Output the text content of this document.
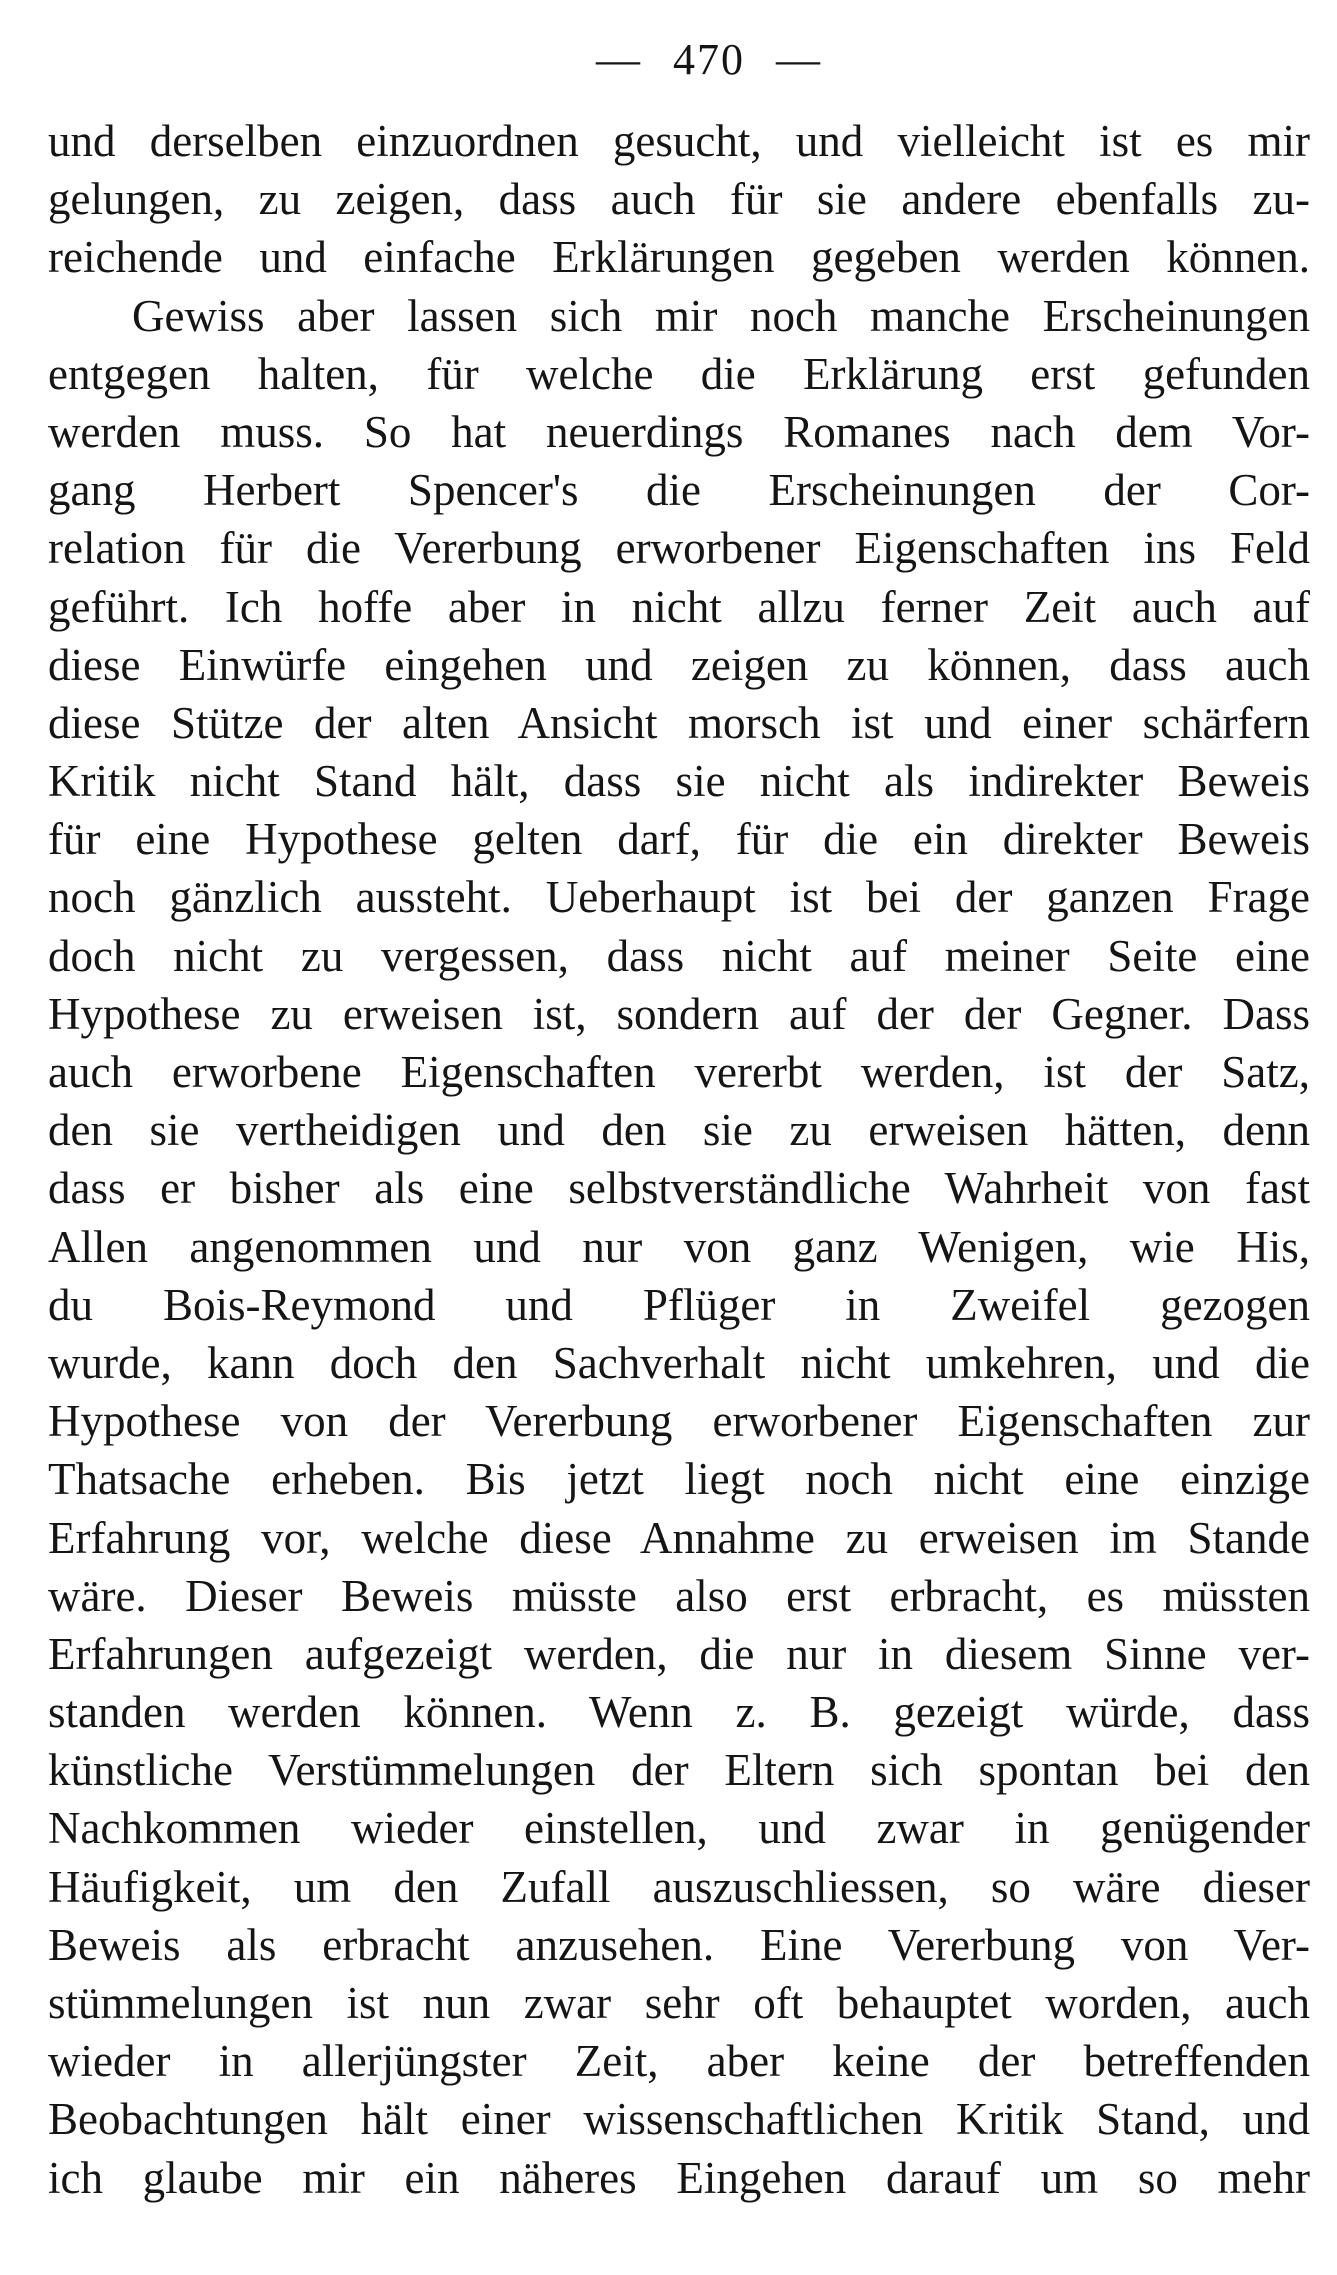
— 470 —
und derselben einzuordnen gesucht, und vielleicht ist es mir
gelungen, zu zeigen, dass auch für sie andere ebenfalls zu-
reichende und einfache Erklärungen gegeben werden können.
Gewiss aber lassen sich mir noch manche Erscheinungen
entgegen halten, für welche die Erklärung erst gefunden
werden muss. So hat neuerdings Romanes nach dem Vor-
gang Herbert Spencer's die Erscheinungen der Cor-
relation für die Vererbung erworbener Eigenschaften ins Feld
geführt. Ich hoffe aber in nicht allzu ferner Zeit auch auf
diese Einwürfe eingehen und zeigen zu können, dass auch
diese Stütze der alten Ansicht morsch ist und einer schärfern
Kritik nicht Stand hält, dass sie nicht als indirekter Beweis
für eine Hypothese gelten darf, für die ein direkter Beweis
noch gänzlich aussteht. Ueberhaupt ist bei der ganzen Frage
doch nicht zu vergessen, dass nicht auf meiner Seite eine
Hypothese zu erweisen ist, sondern auf der der Gegner. Dass
auch erworbene Eigenschaften vererbt werden, ist der Satz,
den sie vertheidigen und den sie zu erweisen hätten, denn
dass er bisher als eine selbstverständliche Wahrheit von fast
Allen angenommen und nur von ganz Wenigen, wie His,
du Bois-Reymond und Pflüger in Zweifel gezogen
wurde, kann doch den Sachverhalt nicht umkehren, und die
Hypothese von der Vererbung erworbener Eigenschaften zur
Thatsache erheben. Bis jetzt liegt noch nicht eine einzige
Erfahrung vor, welche diese Annahme zu erweisen im Stande
wäre. Dieser Beweis müsste also erst erbracht, es müssten
Erfahrungen aufgezeigt werden, die nur in diesem Sinne ver-
standen werden können. Wenn z. B. gezeigt würde, dass
künstliche Verstümmelungen der Eltern sich spontan bei den
Nachkommen wieder einstellen, und zwar in genügender
Häufigkeit, um den Zufall auszuschliessen, so wäre dieser
Beweis als erbracht anzusehen. Eine Vererbung von Ver-
stümmelungen ist nun zwar sehr oft behauptet worden, auch
wieder in allerjüngster Zeit, aber keine der betreffenden
Beobachtungen hält einer wissenschaftlichen Kritik Stand, und
ich glaube mir ein näheres Eingehen darauf um so mehr
